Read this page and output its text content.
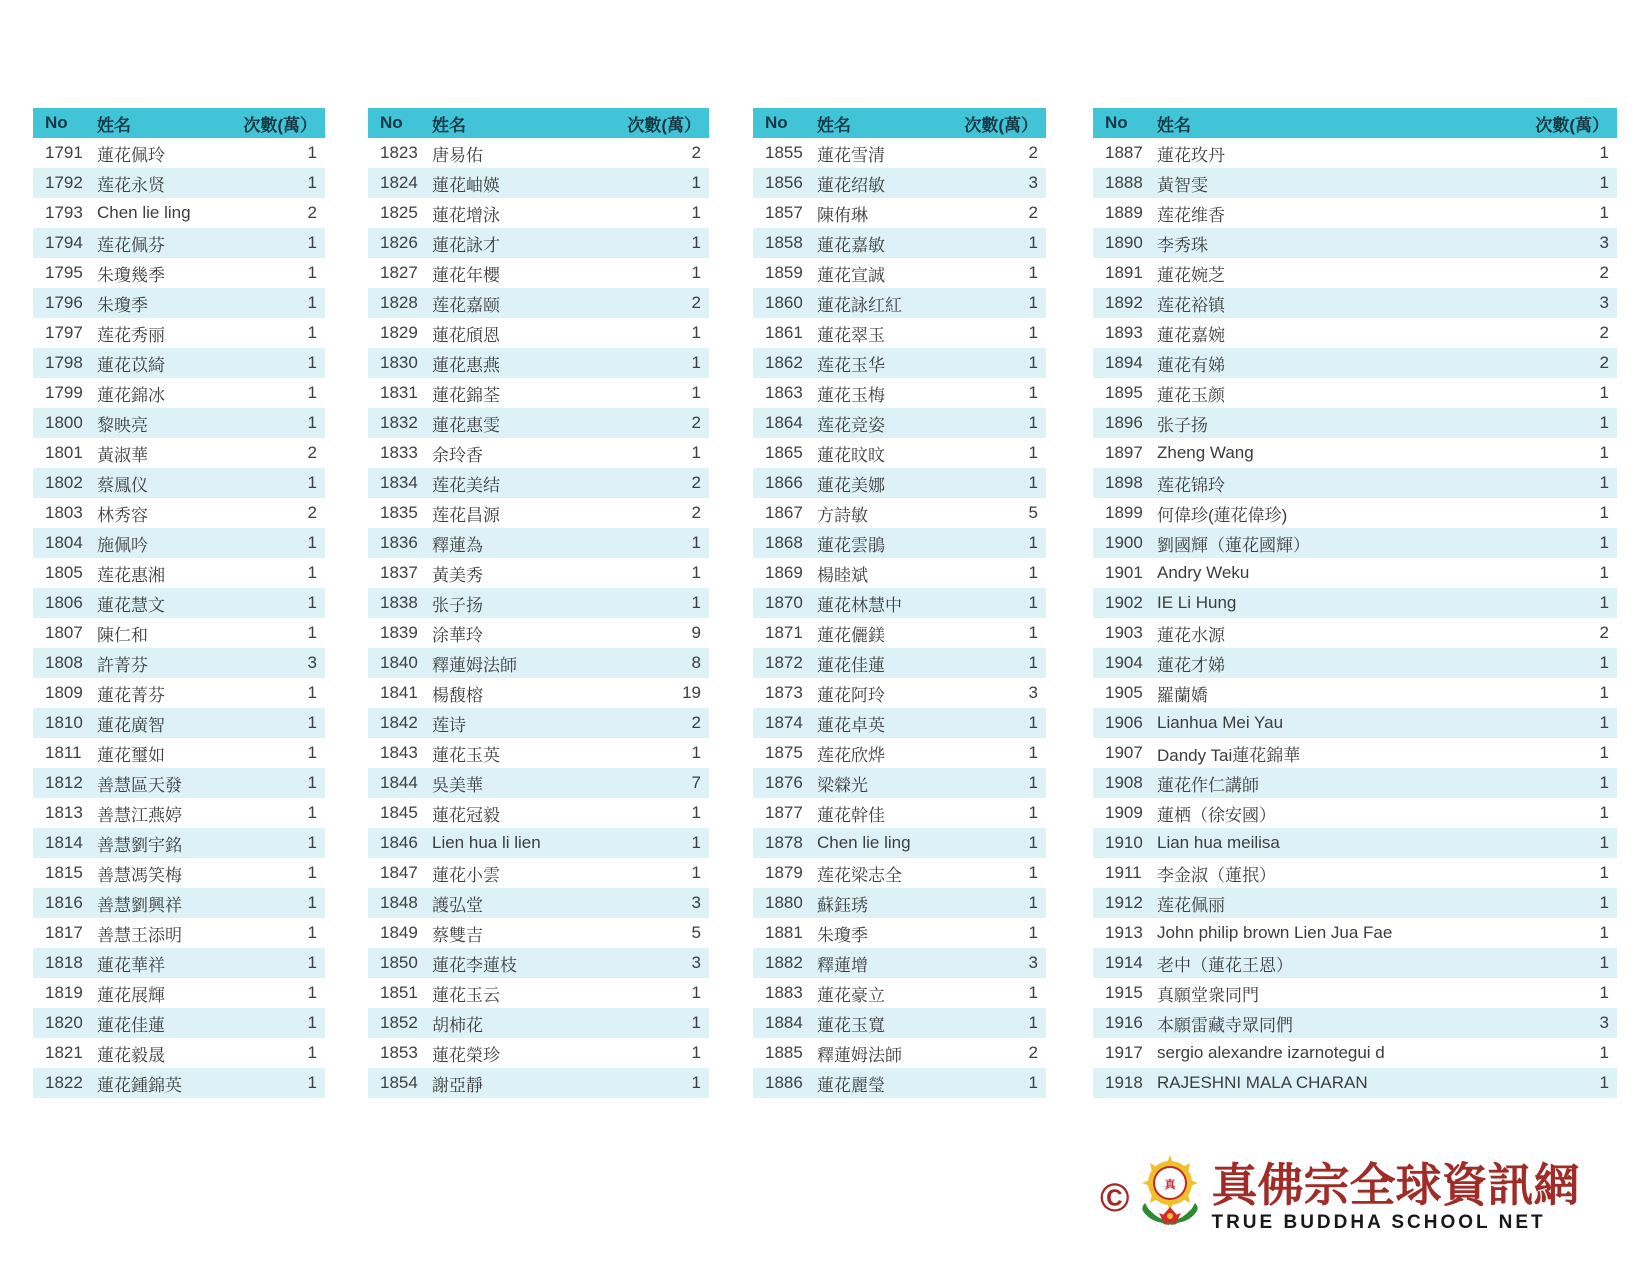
No	姓名	次數(萬）
1791 蓮花佩玲	1
1792 莲花永贤	1
1793 Chen lie ling	2
1794 莲花佩芬	1
1795 朱瓊幾季	1
1796 朱瓊季	1
1797 莲花秀丽	1
1798 蓮花苡綺	1
1799 蓮花錦冰	1
1800 黎映亮	1
1801 黃淑華	2
1802 蔡鳳仪	1
1803 林秀容	2
1804 施佩吟	1
1805 莲花惠湘	1
1806 蓮花慧文	1
1807 陳仁和	1
1808 許菁芬	3
1809 蓮花菁芬	1
1810 蓮花廣智	1
1811 蓮花璽如	1
1812 善慧區天發	1
1813 善慧江燕婷	1
1814 善慧劉宇銘	1
1815 善慧馮笑梅	1
1816 善慧劉興祥	1
1817 善慧王添明	1
1818 蓮花華祥	1
1819 蓮花展輝	1
1820 蓮花佳蓮	1
1821 蓮花毅晟	1
1822 蓮花鍾錦英	1
No	姓名	次數(萬）
1823 唐易佑	2
1824 蓮花岫媖	1
1825 蓮花增泳	1
1826 蓮花詠才	1
1827 蓮花年櫻	1
1828 莲花嘉颐	2
1829 蓮花頎恩	1
1830 蓮花惠燕	1
1831 蓮花錦荃	1
1832 蓮花惠雯	2
1833 余玲香	1
1834 莲花美结	2
1835 莲花昌源	2
1836 釋蓮為	1
1837 黃美秀	1
1838 张子扬	1
1839 涂華玲	9
1840 釋蓮姆法師	8
1841 楊馥榕	19
1842 莲诗	2
1843 蓮花玉英	1
1844 吳美華	7
1845 蓮花冠毅	1
1846 Lien hua li lien	1
1847 蓮花小雲	1
1848 護弘堂	3
1849 蔡雙吉	5
1850 蓮花李蓮枝	3
1851 蓮花玉云	1
1852 胡柿花	1
1853 蓮花榮珍	1
1854 謝亞靜	1
No	姓名	次數(萬）
1855 蓮花雪清	2
1856 蓮花绍敏	3
1857 陳侑琳	2
1858 蓮花嘉敏	1
1859 蓮花宣誠	1
1860 蓮花詠红紅	1
1861 蓮花翠玉	1
1862 莲花玉华	1
1863 蓮花玉梅	1
1864 莲花竞姿	1
1865 蓮花旼旼	1
1866 蓮花美娜	1
1867 方詩敏	5
1868 蓮花雲鵑	1
1869 楊睦斌	1
1870 蓮花林慧中	1
1871 蓮花儷鎂	1
1872 蓮花佳蓮	1
1873 蓮花阿玲	3
1874 蓮花卓英	1
1875 莲花欣烨	1
1876 梁檾光	1
1877 蓮花幹佳	1
1878 Chen lie ling	1
1879 莲花梁志全	1
1880 蘇鈺琇	1
1881 朱瓊季	1
1882 釋蓮增	3
1883 蓮花豪立	1
1884 蓮花玉寬	1
1885 釋蓮姆法師	2
1886 蓮花麗瑩	1
No	姓名	次數(萬）
1887 蓮花玫丹	1
1888 黃智雯	1
1889 莲花维香	1
1890 李秀珠	3
1891 蓮花婉芝	2
1892 莲花裕镇	3
1893 蓮花嘉婉	2
1894 蓮花有娣	2
1895 蓮花玉颜	1
1896 张子扬	1
1897 Zheng Wang	1
1898 莲花锦玲	1
1899 何偉珍(蓮花偉珍)	1
1900 劉國輝（蓮花國輝）	1
1901 Andry Weku	1
1902 IE Li Hung	1
1903 蓮花水源	2
1904 蓮花才娣	1
1905 羅蘭嬌	1
1906 Lianhua Mei Yau	1
1907 Dandy Tai蓮花錦華	1
1908 蓮花作仁講師	1
1909 蓮栖（徐安國）	1
1910 Lian hua meilisa	1
1911 李金淑（蓮抿）	1
1912 莲花佩丽	1
1913 John philip brown Lien Jua Fae	1
1914 老中（蓮花王恩）	1
1915 真願堂衆同門	1
1916 本願雷藏寺眾同們	3
1917 sergio alexandre izarnotegui d	1
1918 RAJESHNI MALA CHARAN	1
©	真 真佛宗全球資訊網
TRUE BUDDHA SCHOOL NET
